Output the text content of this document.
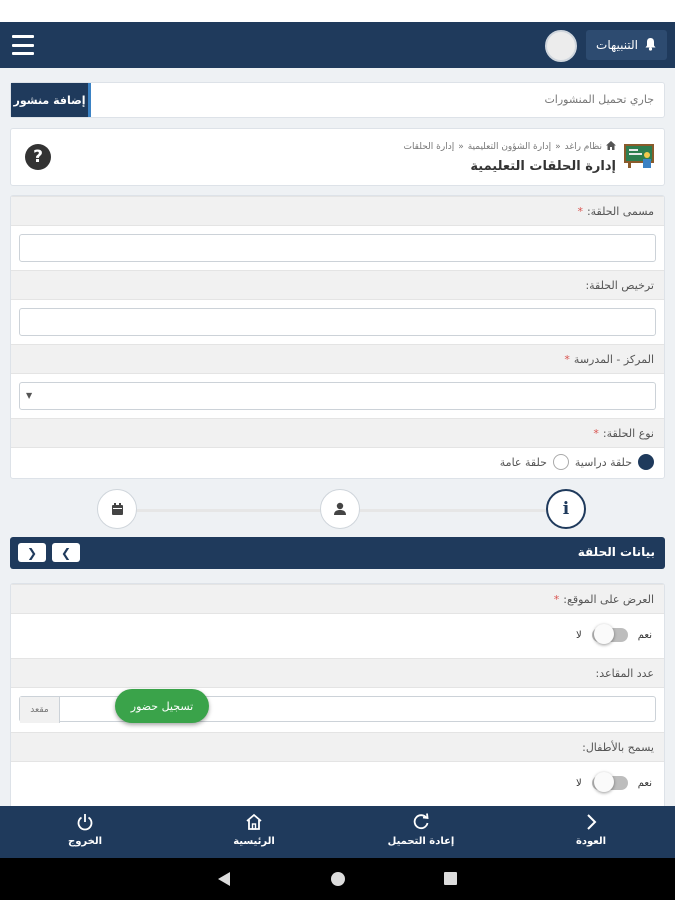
التنبيهات
إضافة منشور	جاري تحميل المنشورات
نظام راغد
«
إدارة الشؤون التعليمية
«
إدارة الحلقات
إدارة الحلقات التعليمية
?
مسمى الحلقة:
*
ترخيص الحلقة:
المركز - المدرسة
*
▼
نوع الحلقة:
*
حلقة دراسية
حلقة عامة
i
بيانات الحلقة
❯
❮
العرض على الموقع:
*
نعم
لا
عدد المقاعد:
مقعد
يسمح بالأطفال:
نعم
لا
تسجيل حضور
العودة
إعادة التحميل
الرئيسية
الخروج
